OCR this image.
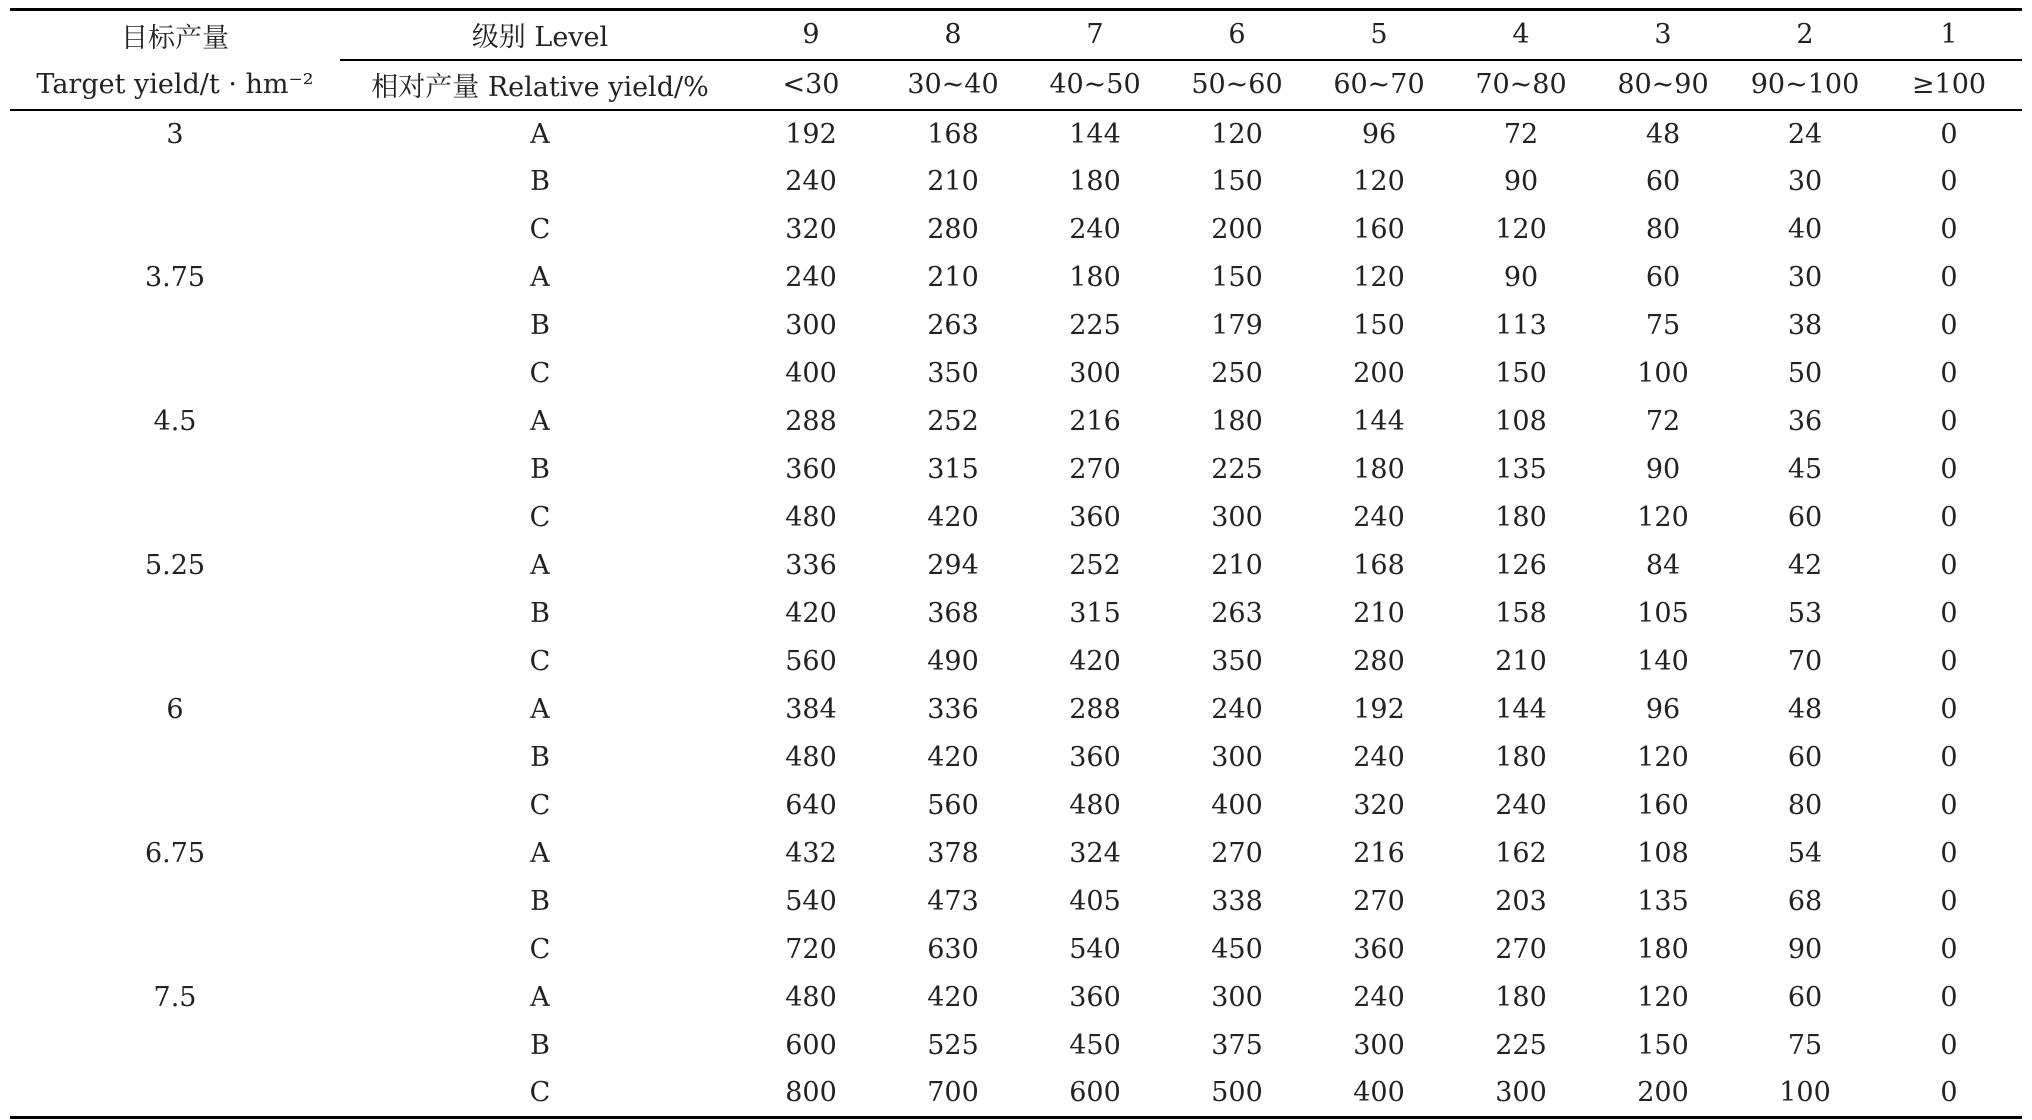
目标产量	级别 Level	9	8	7	6	5	4	3	2	1
Target yield/t · hm⁻²	相对产量 Relative yield/%	<30	30~40	40~50	50~60	60~70	70~80	80~90	90~100	≥100
3	A	192	168	144	120	96	72	48	24	0
	B	240	210	180	150	120	90	60	30	0
	C	320	280	240	200	160	120	80	40	0
3.75	A	240	210	180	150	120	90	60	30	0
	B	300	263	225	179	150	113	75	38	0
	C	400	350	300	250	200	150	100	50	0
4.5	A	288	252	216	180	144	108	72	36	0
	B	360	315	270	225	180	135	90	45	0
	C	480	420	360	300	240	180	120	60	0
5.25	A	336	294	252	210	168	126	84	42	0
	B	420	368	315	263	210	158	105	53	0
	C	560	490	420	350	280	210	140	70	0
6	A	384	336	288	240	192	144	96	48	0
	B	480	420	360	300	240	180	120	60	0
	C	640	560	480	400	320	240	160	80	0
6.75	A	432	378	324	270	216	162	108	54	0
	B	540	473	405	338	270	203	135	68	0
	C	720	630	540	450	360	270	180	90	0
7.5	A	480	420	360	300	240	180	120	60	0
	B	600	525	450	375	300	225	150	75	0
	C	800	700	600	500	400	300	200	100	0
